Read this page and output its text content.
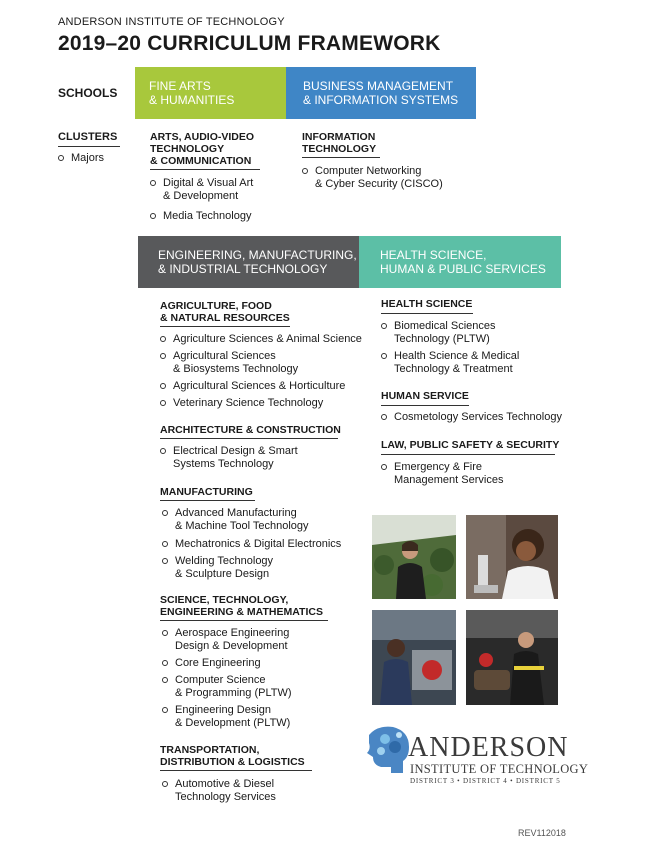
ANDERSON INSTITUTE OF TECHNOLOGY
2019–20 CURRICULUM FRAMEWORK
SCHOOLS
CLUSTERS
Majors
FINE ARTS
& HUMANITIES
BUSINESS MANAGEMENT
& INFORMATION SYSTEMS
ENGINEERING, MANUFACTURING,
& INDUSTRIAL TECHNOLOGY
HEALTH SCIENCE,
HUMAN & PUBLIC SERVICES
ARTS, AUDIO-VIDEO
TECHNOLOGY
& COMMUNICATION
Digital & Visual Art
& Development
Media Technology
INFORMATION
TECHNOLOGY
Computer Networking
& Cyber Security (CISCO)
AGRICULTURE, FOOD
& NATURAL RESOURCES
Agriculture Sciences & Animal Science
Agricultural Sciences
& Biosystems Technology
Agricultural Sciences & Horticulture
Veterinary Science Technology
ARCHITECTURE & CONSTRUCTION
Electrical Design & Smart
Systems Technology
MANUFACTURING
Advanced Manufacturing
& Machine Tool Technology
Mechatronics & Digital Electronics
Welding Technology
& Sculpture Design
SCIENCE, TECHNOLOGY,
ENGINEERING & MATHEMATICS
Aerospace Engineering
Design & Development
Core Engineering
Computer Science
& Programming (PLTW)
Engineering Design
& Development (PLTW)
TRANSPORTATION,
DISTRIBUTION & LOGISTICS
Automotive & Diesel
Technology Services
HEALTH SCIENCE
Biomedical Sciences
Technology (PLTW)
Health Science & Medical
Technology & Treatment
HUMAN SERVICE
Cosmetology Services Technology
LAW, PUBLIC SAFETY & SECURITY
Emergency & Fire
Management Services
ANDERSON
INSTITUTE OF TECHNOLOGY
DISTRICT 3 • DISTRICT 4 • DISTRICT 5
REV112018
